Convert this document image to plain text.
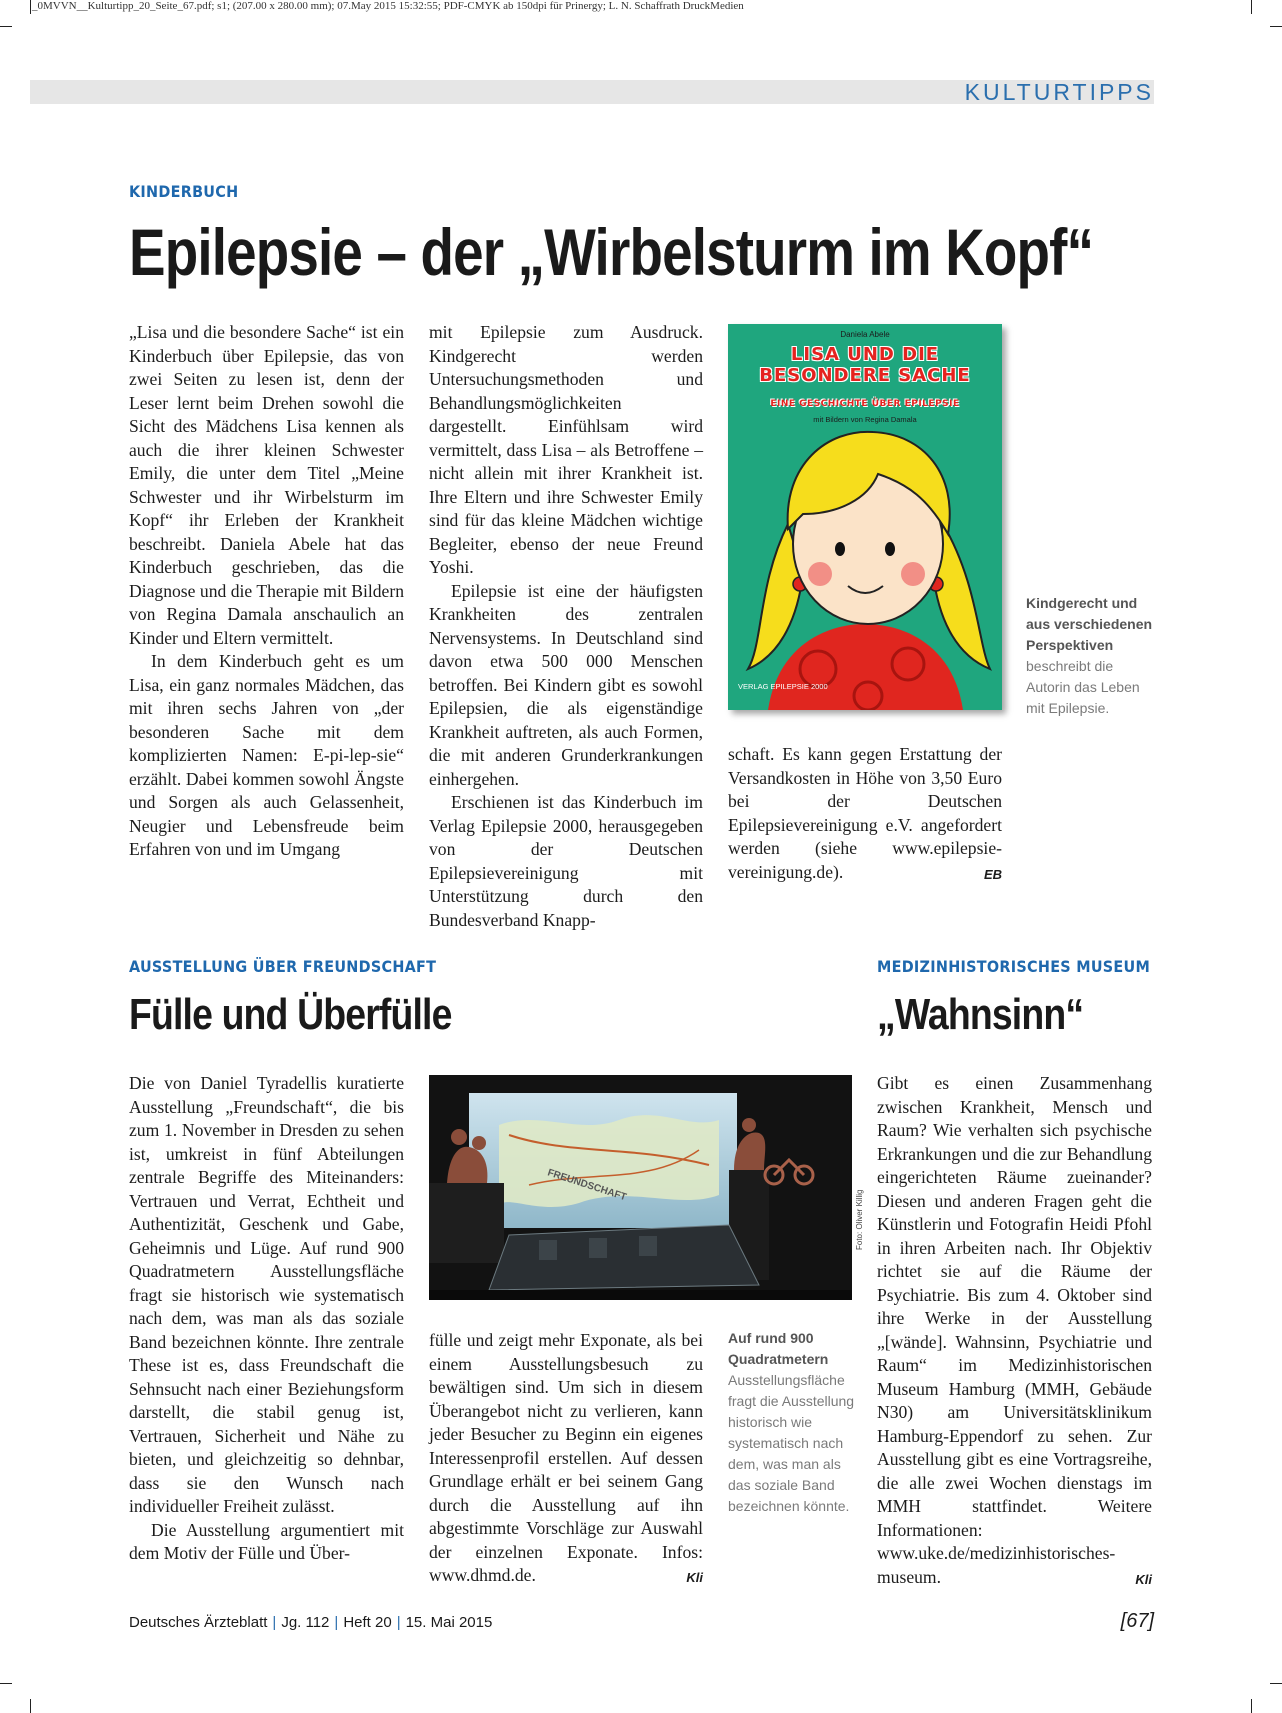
_0MVVN__Kulturtipp_20_Seite_67.pdf; s1; (207.00 x 280.00 mm); 07.May 2015 15:32:55; PDF-CMYK ab 150dpi für Prinergy; L. N. Schaffrath DruckMedien
KULTURTIPPS
KINDERBUCH
Epilepsie – der „Wirbelsturm im Kopf“

„Lisa und die besondere Sache“ ist ein Kinderbuch über Epilepsie, das von zwei Seiten zu lesen ist, denn der Leser lernt beim Drehen sowohl die Sicht des Mädchens Lisa kennen als auch die ihrer kleinen Schwester Emily, die unter dem Titel „Meine Schwester und ihr Wirbelsturm im Kopf“ ihr Erleben der Krankheit beschreibt. Daniela Abele hat das Kinderbuch geschrieben, das die Diagnose und die Therapie mit Bildern von Regina Damala anschaulich an Kinder und Eltern vermittelt.

In dem Kinderbuch geht es um Lisa, ein ganz normales Mädchen, das mit ihren sechs Jahren von „der besonderen Sache mit dem komplizierten Namen: E-pi-lep-sie“ erzählt. Dabei kommen sowohl Ängste und Sorgen als auch Gelassenheit, Neugier und Lebensfreude beim Erfahren von und im Umgang

mit Epilepsie zum Ausdruck. Kindgerecht werden Untersuchungsmethoden und Behandlungsmöglichkeiten dargestellt. Einfühlsam wird vermittelt, dass Lisa – als Betroffene – nicht allein mit ihrer Krankheit ist. Ihre Eltern und ihre Schwester Emily sind für das kleine Mädchen wichtige Begleiter, ebenso der neue Freund Yoshi.

Epilepsie ist eine der häufigsten Krankheiten des zentralen Nervensystems. In Deutschland sind davon etwa 500 000 Menschen betroffen. Bei Kindern gibt es sowohl Epilepsien, die als eigenständige Krankheit auftreten, als auch Formen, die mit anderen Grunderkrankungen einhergehen.

Erschienen ist das Kinderbuch im Verlag Epilepsie 2000, herausgegeben von der Deutschen Epilepsievereinigung mit Unterstützung durch den Bundesverband Knapp-

Daniela Abele
LISA UND DIE
BESONDERE SACHE
EINE GESCHICHTE ÜBER EPILEPSIE
mit Bildern von Regina Damala
VERLAG EPILEPSIE 2000

schaft. Es kann gegen Erstattung der Versandkosten in Höhe von 3,50 Euro bei der Deutschen Epilepsievereinigung e.V. angefordert werden (siehe www.epilepsie-vereinigung.de).	EB

Kindgerecht und aus verschiedenen Perspektiven beschreibt die Autorin das Leben mit Epilepsie.
AUSSTELLUNG ÜBER FREUNDSCHAFT
Fülle und Überfülle

Die von Daniel Tyradellis kuratierte Ausstellung „Freundschaft“, die bis zum 1. November in Dresden zu sehen ist, umkreist in fünf Abteilungen zentrale Begriffe des Miteinanders: Vertrauen und Verrat, Echtheit und Authentizität, Geschenk und Gabe, Geheimnis und Lüge. Auf rund 900 Quadratmetern Ausstellungsfläche fragt sie historisch wie systematisch nach dem, was man als das soziale Band bezeichnen könnte. Ihre zentrale These ist es, dass Freundschaft die Sehnsucht nach einer Beziehungsform darstellt, die stabil genug ist, Vertrauen, Sicherheit und Nähe zu bieten, und gleichzeitig so dehnbar, dass sie den Wunsch nach individueller Freiheit zulässt.

Die Ausstellung argumentiert mit dem Motiv der Fülle und Über-

FREUNDSCHAFT
Foto: Oliver Killig

fülle und zeigt mehr Exponate, als bei einem Ausstellungsbesuch zu bewältigen sind. Um sich in diesem Überangebot nicht zu verlieren, kann jeder Besucher zu Beginn ein eigenes Interessenprofil erstellen. Auf dessen Grundlage erhält er bei seinem Gang durch die Ausstellung auf ihn abgestimmte Vorschläge zur Auswahl der einzelnen Exponate. Infos: www.dhmd.de.	Kli

Auf rund 900 Quadratmetern Ausstellungsfläche fragt die Ausstellung historisch wie systematisch nach dem, was man als das soziale Band bezeichnen könnte.
MEDIZINHISTORISCHES MUSEUM
„Wahnsinn“

Gibt es einen Zusammenhang zwischen Krankheit, Mensch und Raum? Wie verhalten sich psychische Erkrankungen und die zur Behandlung eingerichteten Räume zueinander? Diesen und anderen Fragen geht die Künstlerin und Fotografin Heidi Pfohl in ihren Arbeiten nach. Ihr Objektiv richtet sie auf die Räume der Psychiatrie. Bis zum 4. Oktober sind ihre Werke in der Ausstellung „[wände]. Wahnsinn, Psychiatrie und Raum“ im Medizinhistorischen Museum Hamburg (MMH, Gebäude N30) am Universitätsklinikum Hamburg-Eppendorf zu sehen. Zur Ausstellung gibt es eine Vortragsreihe, die alle zwei Wochen dienstags im MMH stattfindet. Weitere Informationen: www.uke.de/medizinhistorisches-museum.	Kli

Deutsches Ärzteblatt | Jg. 112 | Heft 20 | 15. Mai 2015	[67]
